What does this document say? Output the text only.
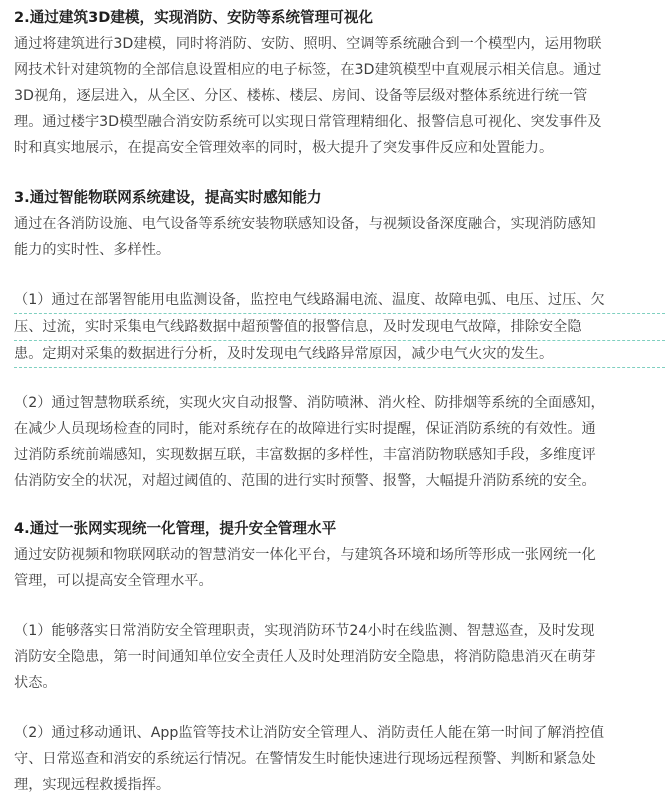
2.通过建筑3D建模，实现消防、安防等系统管理可视化
通过将建筑进行3D建模，同时将消防、安防、照明、空调等系统融合到一个模型内，运用物联
网技术针对建筑物的全部信息设置相应的电子标签，在3D建筑模型中直观展示相关信息。通过
3D视角，逐层进入，从全区、分区、楼栋、楼层、房间、设备等层级对整体系统进行统一管
理。通过楼宇3D模型融合消安防系统可以实现日常管理精细化、报警信息可视化、突发事件及
时和真实地展示，在提高安全管理效率的同时，极大提升了突发事件反应和处置能力。
3.通过智能物联网系统建设，提高实时感知能力
通过在各消防设施、电气设备等系统安装物联感知设备，与视频设备深度融合，实现消防感知
能力的实时性、多样性。
（1）通过在部署智能用电监测设备，监控电气线路漏电流、温度、故障电弧、电压、过压、欠
压、过流，实时采集电气线路数据中超预警值的报警信息，及时发现电气故障，排除安全隐
患。定期对采集的数据进行分析，及时发现电气线路异常原因，减少电气火灾的发生。
（2）通过智慧物联系统，实现火灾自动报警、消防喷淋、消火栓、防排烟等系统的全面感知，
在减少人员现场检查的同时，能对系统存在的故障进行实时提醒，保证消防系统的有效性。通
过消防系统前端感知，实现数据互联，丰富数据的多样性，丰富消防物联感知手段，多维度评
估消防安全的状况，对超过阈值的、范围的进行实时预警、报警，大幅提升消防系统的安全。
4.通过一张网实现统一化管理，提升安全管理水平
通过安防视频和物联网联动的智慧消安一体化平台，与建筑各环境和场所等形成一张网统一化
管理，可以提高安全管理水平。
（1）能够落实日常消防安全管理职责，实现消防环节24小时在线监测、智慧巡查，及时发现
消防安全隐患，第一时间通知单位安全责任人及时处理消防安全隐患，将消防隐患消灭在萌芽
状态。
（2）通过移动通讯、App监管等技术让消防安全管理人、消防责任人能在第一时间了解消控值
守、日常巡查和消安的系统运行情况。在警情发生时能快速进行现场远程预警、判断和紧急处
理，实现远程救援指挥。
